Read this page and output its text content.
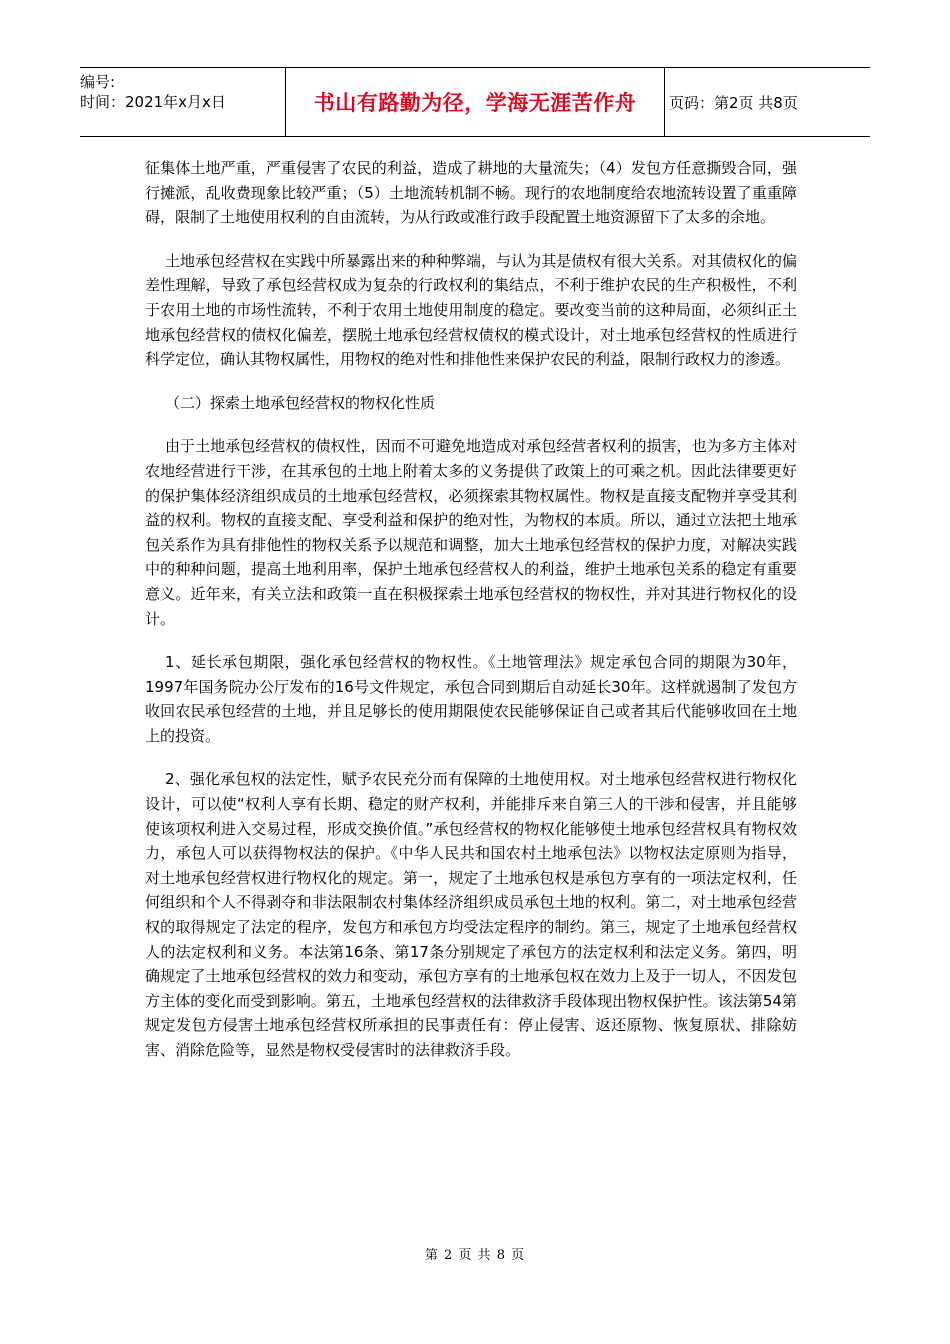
编号:
时间：2021年x月x日	书山有路勤为径，学海无涯苦作舟	页码：第2页 共8页

征集体土地严重，严重侵害了农民的利益，造成了耕地的大量流失；（4）发包方任意撕毁合同，强行摊派，乱收费现象比较严重；（5）土地流转机制不畅。现行的农地制度给农地流转设置了重重障碍，限制了土地使用权利的自由流转，为从行政或准行政手段配置土地资源留下了太多的余地。

土地承包经营权在实践中所暴露出来的种种弊端，与认为其是债权有很大关系。对其债权化的偏差性理解，导致了承包经营权成为复杂的行政权利的集结点，不利于维护农民的生产积极性，不利于农用土地的市场性流转，不利于农用土地使用制度的稳定。要改变当前的这种局面，必须纠正土地承包经营权的债权化偏差，摆脱土地承包经营权债权的模式设计，对土地承包经营权的性质进行科学定位，确认其物权属性，用物权的绝对性和排他性来保护农民的利益，限制行政权力的渗透。

（二）探索土地承包经营权的物权化性质

由于土地承包经营权的债权性，因而不可避免地造成对承包经营者权利的损害，也为多方主体对农地经营进行干涉，在其承包的土地上附着太多的义务提供了政策上的可乘之机。因此法律要更好的保护集体经济组织成员的土地承包经营权，必须探索其物权属性。物权是直接支配物并享受其利益的权利。物权的直接支配、享受利益和保护的绝对性，为物权的本质。所以，通过立法把土地承包关系作为具有排他性的物权关系予以规范和调整，加大土地承包经营权的保护力度，对解决实践中的种种问题，提高土地利用率，保护土地承包经营权人的利益，维护土地承包关系的稳定有重要意义。近年来，有关立法和政策一直在积极探索土地承包经营权的物权性，并对其进行物权化的设计。

1、延长承包期限，强化承包经营权的物权性。《土地管理法》规定承包合同的期限为30年，1997年国务院办公厅发布的16号文件规定，承包合同到期后自动延长30年。这样就遏制了发包方收回农民承包经营的土地，并且足够长的使用期限使农民能够保证自己或者其后代能够收回在土地上的投资。

2、强化承包权的法定性，赋予农民充分而有保障的土地使用权。对土地承包经营权进行物权化设计，可以使“权利人享有长期、稳定的财产权利，并能排斥来自第三人的干涉和侵害，并且能够使该项权利进入交易过程，形成交换价值。”承包经营权的物权化能够使土地承包经营权具有物权效力，承包人可以获得物权法的保护。《中华人民共和国农村土地承包法》以物权法定原则为指导，对土地承包经营权进行物权化的规定。第一，规定了土地承包权是承包方享有的一项法定权利，任何组织和个人不得剥夺和非法限制农村集体经济组织成员承包土地的权利。第二，对土地承包经营权的取得规定了法定的程序，发包方和承包方均受法定程序的制约。第三，规定了土地承包经营权人的法定权利和义务。本法第16条、第17条分别规定了承包方的法定权利和法定义务。第四，明确规定了土地承包经营权的效力和变动，承包方享有的土地承包权在效力上及于一切人，不因发包方主体的变化而受到影响。第五，土地承包经营权的法律救济手段体现出物权保护性。该法第54第规定发包方侵害土地承包经营权所承担的民事责任有：停止侵害、返还原物、恢复原状、排除妨害、消除危险等，显然是物权受侵害时的法律救济手段。

第 2 页 共 8 页
